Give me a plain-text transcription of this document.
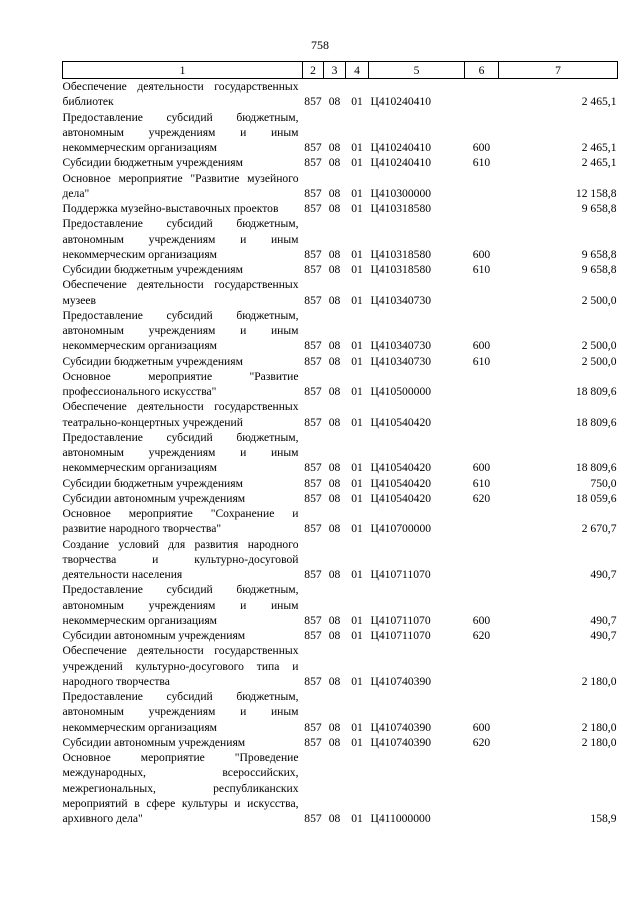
758
1	2	3	4	5	6	7
Обеспечение деятельности государственных библиотек	857	08	01	Ц410240410		2 465,1
Предоставление субсидий бюджетным, автономным учреждениям и иным некоммерческим организациям	857	08	01	Ц410240410	600	2 465,1
Субсидии бюджетным учреждениям	857	08	01	Ц410240410	610	2 465,1
Основное мероприятие "Развитие музейного дела"	857	08	01	Ц410300000		12 158,8
Поддержка музейно-выставочных проектов	857	08	01	Ц410318580		9 658,8
Предоставление субсидий бюджетным, автономным учреждениям и иным некоммерческим организациям	857	08	01	Ц410318580	600	9 658,8
Субсидии бюджетным учреждениям	857	08	01	Ц410318580	610	9 658,8
Обеспечение деятельности государственных музеев	857	08	01	Ц410340730		2 500,0
Предоставление субсидий бюджетным, автономным учреждениям и иным некоммерческим организациям	857	08	01	Ц410340730	600	2 500,0
Субсидии бюджетным учреждениям	857	08	01	Ц410340730	610	2 500,0
Основное мероприятие "Развитие профессионального искусства"	857	08	01	Ц410500000		18 809,6
Обеспечение деятельности государственных театрально-концертных учреждений	857	08	01	Ц410540420		18 809,6
Предоставление субсидий бюджетным, автономным учреждениям и иным некоммерческим организациям	857	08	01	Ц410540420	600	18 809,6
Субсидии бюджетным учреждениям	857	08	01	Ц410540420	610	750,0
Субсидии автономным учреждениям	857	08	01	Ц410540420	620	18 059,6
Основное мероприятие "Сохранение и развитие народного творчества"	857	08	01	Ц410700000		2 670,7
Создание условий для развития народного творчества и культурно-досуговой деятельности населения	857	08	01	Ц410711070		490,7
Предоставление субсидий бюджетным, автономным учреждениям и иным некоммерческим организациям	857	08	01	Ц410711070	600	490,7
Субсидии автономным учреждениям	857	08	01	Ц410711070	620	490,7
Обеспечение деятельности государственных учреждений культурно-досугового типа и народного творчества	857	08	01	Ц410740390		2 180,0
Предоставление субсидий бюджетным, автономным учреждениям и иным некоммерческим организациям	857	08	01	Ц410740390	600	2 180,0
Субсидии автономным учреждениям	857	08	01	Ц410740390	620	2 180,0
Основное мероприятие "Проведение международных, всероссийских, межрегиональных, республиканских мероприятий в сфере культуры и искусства, архивного дела"	857	08	01	Ц411000000		158,9
